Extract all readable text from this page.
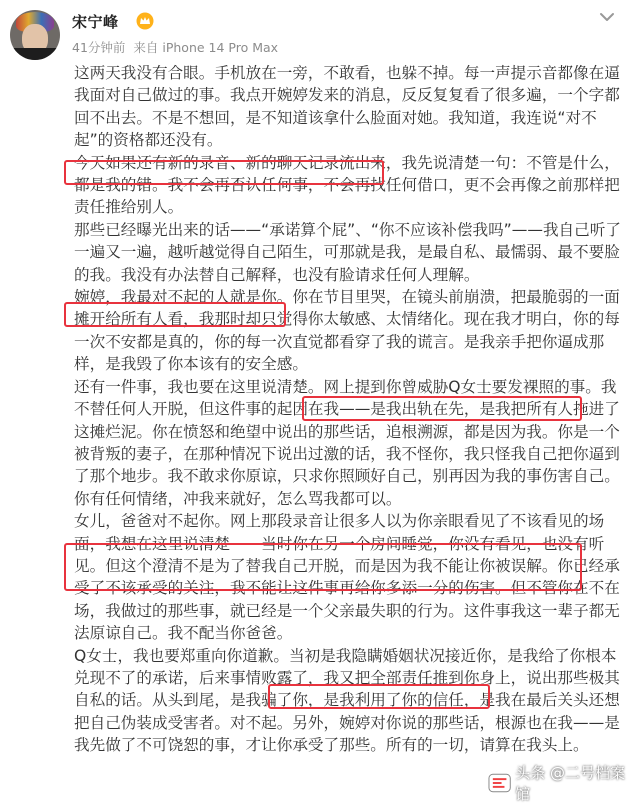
宋宁峰
41分钟前 来自 iPhone 14 Pro Max

这两天我没有合眼。手机放在一旁，不敢看，也躲不掉。每一声提示音都像在逼我面对自己做过的事。我点开婉婷发来的消息，反反复复看了很多遍，一个字都回不出去。不是不想回，是不知道该拿什么脸面对她。我知道，我连说“对不起”的资格都还没有。

今天如果还有新的录音、新的聊天记录流出来，我先说清楚一句：不管是什么，都是我的错。我不会再否认任何事，不会再找任何借口，更不会再像之前那样把责任推给别人。

那些已经曝光出来的话——“承诺算个屁”、“你不应该补偿我吗”——我自己听了一遍又一遍，越听越觉得自己陌生，可那就是我，是最自私、最懦弱、最不要脸的我。我没有办法替自己解释，也没有脸请求任何人理解。

婉婷，我最对不起的人就是你。你在节目里哭，在镜头前崩溃，把最脆弱的一面摊开给所有人看，我那时却只觉得你太敏感、太情绪化。现在我才明白，你的每一次不安都是真的，你的每一次直觉都看穿了我的谎言。是我亲手把你逼成那样，是我毁了你本该有的安全感。

还有一件事，我也要在这里说清楚。网上提到你曾威胁Q女士要发裸照的事。我不替任何人开脱，但这件事的起因在我——是我出轨在先，是我把所有人拖进了这摊烂泥。你在愤怒和绝望中说出的那些话，追根溯源，都是因为我。你是一个被背叛的妻子，在那种情况下说出过激的话，我不怪你，我只怪我自己把你逼到了那个地步。我不敢求你原谅，只求你照顾好自己，别再因为我的事伤害自己。你有任何情绪，冲我来就好，怎么骂我都可以。

女儿，爸爸对不起你。网上那段录音让很多人以为你亲眼看见了不该看见的场面，我想在这里说清楚——当时你在另一个房间睡觉，你没有看见，也没有听见。但这个澄清不是为了替我自己开脱，而是因为我不能让你被误解。你已经承受了不该承受的关注，我不能让这件事再给你多添一分的伤害。但不管你在不在场，我做过的那些事，就已经是一个父亲最失职的行为。这件事我这一辈子都无法原谅自己。我不配当你爸爸。

Q女士，我也要郑重向你道歉。当初是我隐瞒婚姻状况接近你，是我给了你根本兑现不了的承诺，后来事情败露了，我又把全部责任推到你身上，说出那些极其自私的话。从头到尾，是我骗了你，是我利用了你的信任，是我在最后关头还想把自己伪装成受害者。对不起。另外，婉婷对你说的那些话，根源也在我——是我先做了不可饶恕的事，才让你承受了那些。所有的一切，请算在我头上。

头条 @二号档案馆
